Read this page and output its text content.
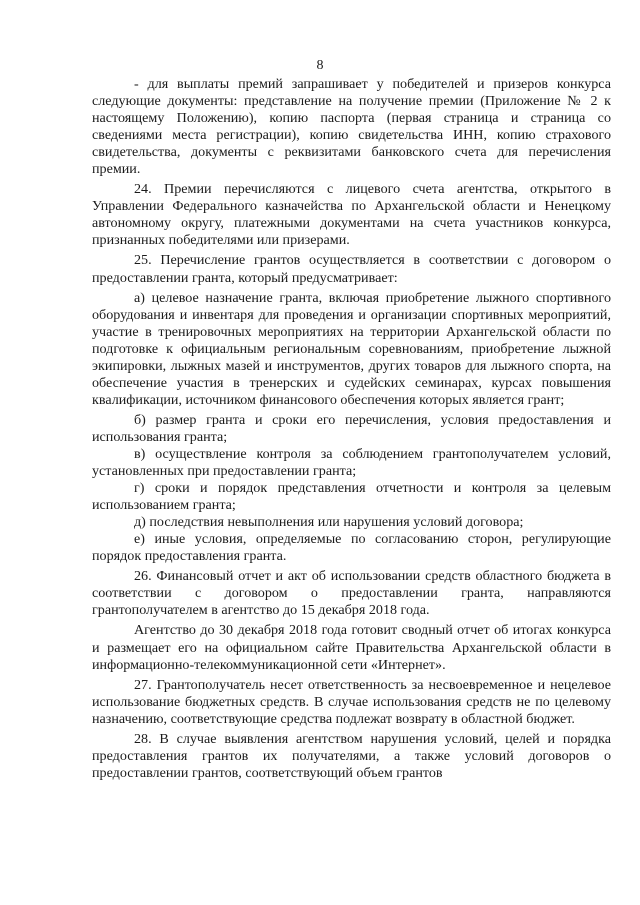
8

- для выплаты премий запрашивает у победителей и призеров конкурса следующие документы: представление на получение премии (Приложение № 2 к настоящему Положению), копию паспорта (первая страница и страница со сведениями места регистрации), копию свидетельства ИНН, копию страхового свидетельства, документы с реквизитами банковского счета для перечисления премии.

24. Премии перечисляются с лицевого счета агентства, открытого в Управлении Федерального казначейства по Архангельской области и Ненецкому автономному округу, платежными документами на счета участников конкурса, признанных победителями или призерами.

25. Перечисление грантов осуществляется в соответствии с договором о предоставлении гранта, который предусматривает:

а) целевое назначение гранта, включая приобретение лыжного спортивного оборудования и инвентаря для проведения и организации спортивных мероприятий, участие в тренировочных мероприятиях на территории Архангельской области по подготовке к официальным региональным соревнованиям, приобретение лыжной экипировки, лыжных мазей и инструментов, других товаров для лыжного спорта, на обеспечение участия в тренерских и судейских семинарах, курсах повышения квалификации, источником финансового обеспечения которых является грант;

б) размер гранта и сроки его перечисления, условия предоставления и использования гранта;

в) осуществление контроля за соблюдением грантополучателем условий, установленных при предоставлении гранта;

г) сроки и порядок представления отчетности и контроля за целевым использованием гранта;

д) последствия невыполнения или нарушения условий договора;

е) иные условия, определяемые по согласованию сторон, регулирующие порядок предоставления гранта.

26. Финансовый отчет и акт об использовании средств областного бюджета в соответствии с договором о предоставлении гранта, направляются грантополучателем в агентство до 15 декабря 2018 года.

Агентство до 30 декабря 2018 года готовит сводный отчет об итогах конкурса и размещает его на официальном сайте Правительства Архангельской области в информационно-телекоммуникационной сети «Интернет».

27. Грантополучатель несет ответственность за несвоевременное и нецелевое использование бюджетных средств. В случае использования средств не по целевому назначению, соответствующие средства подлежат возврату в областной бюджет.

28. В случае выявления агентством нарушения условий, целей и порядка предоставления грантов их получателями, а также условий договоров о предоставлении грантов, соответствующий объем грантов
